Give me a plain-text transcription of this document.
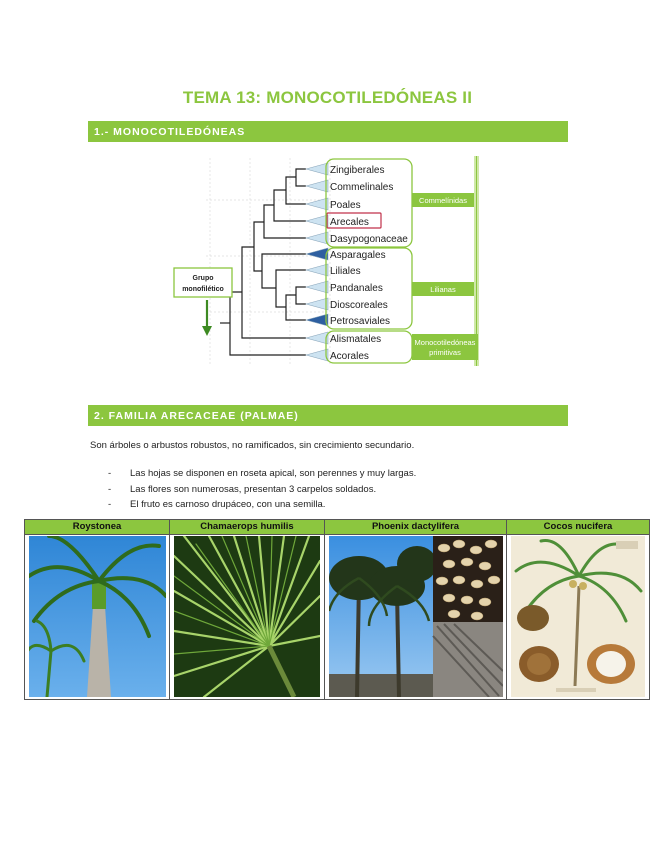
TEMA 13: MONOCOTILEDÓNEAS II
1.- MONOCOTILEDÓNEAS
Zingiberales
Commelinales
Poales
Arecales
Dasypogonaceae
Asparagales
Liliales
Pandanales
Dioscoreales
Petrosaviales
Alismatales
Acorales
Commelínidas
Lilianas
Monocotiledóneas
primitivas
Grupo
monofilético
2. FAMILIA ARECACEAE (PALMAE)
Son árboles o arbustos robustos, no ramificados, sin crecimiento secundario.
- Las hojas se disponen en roseta apical, son perennes y muy largas.
- Las flores son numerosas, presentan 3 carpelos soldados.
- El fruto es carnoso drupáceo, con una semilla.
Roystonea	Chamaerops humilis	Phoenix dactylifera	Cocos nucifera
